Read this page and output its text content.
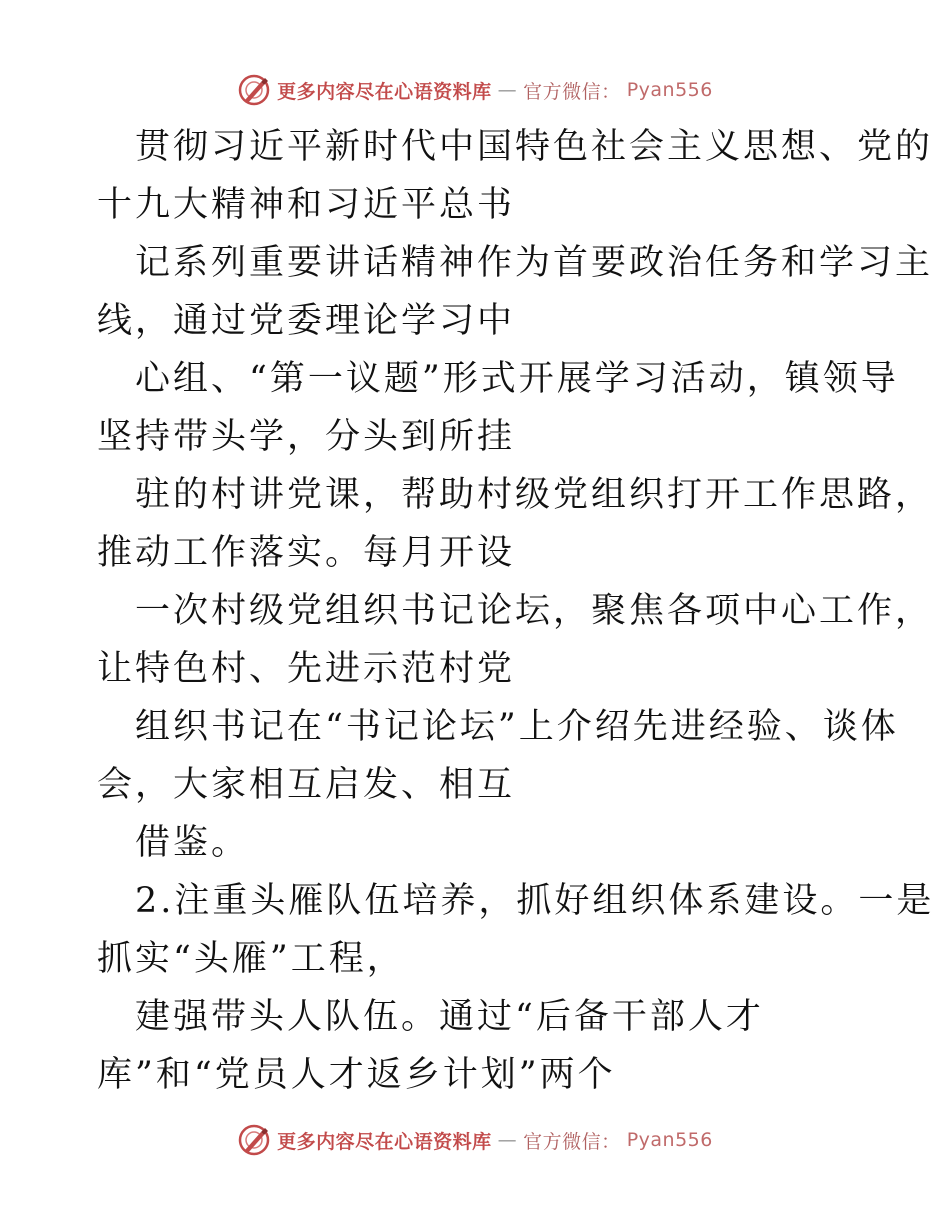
更多内容尽在心语资料库 — 官方微信： Pyan556

贯彻习近平新时代中国特色社会主义思想、党的

十九大精神和习近平总书

记系列重要讲话精神作为首要政治任务和学习主

线，通过党委理论学习中

心组、“第一议题”形式开展学习活动，镇领导

坚持带头学，分头到所挂

驻的村讲党课，帮助村级党组织打开工作思路，

推动工作落实。每月开设

一次村级党组织书记论坛，聚焦各项中心工作，

让特色村、先进示范村党

组织书记在“书记论坛”上介绍先进经验、谈体

会，大家相互启发、相互

借鉴。

2.注重头雁队伍培养，抓好组织体系建设。一是

抓实“头雁”工程，

建强带头人队伍。通过“后备干部人才

库”和“党员人才返乡计划”两个

更多内容尽在心语资料库 — 官方微信： Pyan556
